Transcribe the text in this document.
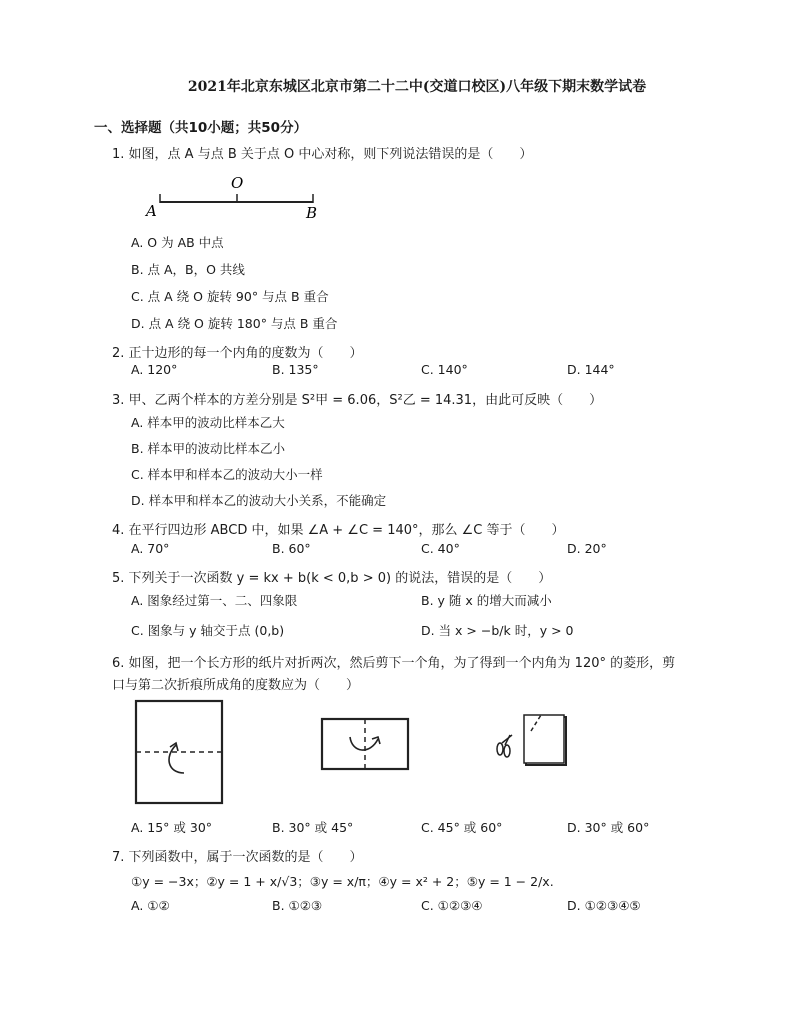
2021年北京东城区北京市第二十二中(交道口校区)八年级下期末数学试卷
一、选择题（共10小题；共50分）
1. 如图，点 A 与点 B 关于点 O 中心对称，则下列说法错误的是（　　）
A
O
B
A. O 为 AB 中点
B. 点 A，B，O 共线
C. 点 A 绕 O 旋转 90° 与点 B 重合
D. 点 A 绕 O 旋转 180° 与点 B 重合
2. 正十边形的每一个内角的度数为（　　）
A. 120°	B. 135°	C. 140°	D. 144°
3. 甲、乙两个样本的方差分别是 S²甲 = 6.06，S²乙 = 14.31，由此可反映（　　）
A. 样本甲的波动比样本乙大
B. 样本甲的波动比样本乙小
C. 样本甲和样本乙的波动大小一样
D. 样本甲和样本乙的波动大小关系，不能确定
4. 在平行四边形 ABCD 中，如果 ∠A + ∠C = 140°，那么 ∠C 等于（　　）
A. 70°	B. 60°	C. 40°	D. 20°
5. 下列关于一次函数 y = kx + b(k < 0,b > 0) 的说法，错误的是（　　）
A. 图象经过第一、二、四象限	B. y 随 x 的增大而减小
C. 图象与 y 轴交于点 (0,b)	D. 当 x > −b/k 时，y > 0
6. 如图，把一个长方形的纸片对折两次，然后剪下一个角，为了得到一个内角为 120° 的菱形，剪
口与第二次折痕所成角的度数应为（　　）
A. 15° 或 30°	B. 30° 或 45°	C. 45° 或 60°	D. 30° 或 60°
7. 下列函数中，属于一次函数的是（　　）
①y = −3x；②y = 1 + x/√3；③y = x/π；④y = x² + 2；⑤y = 1 − 2/x.
A. ①②	B. ①②③	C. ①②③④	D. ①②③④⑤
